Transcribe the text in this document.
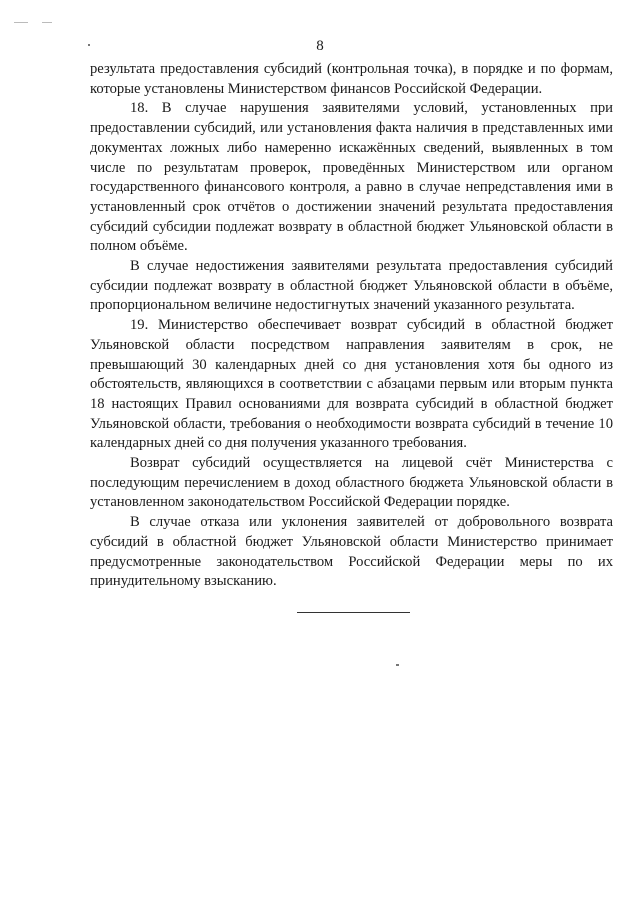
8

результата предоставления субсидий (контрольная точка), в порядке и по формам, которые установлены Министерством финансов Российской Федерации.

18. В случае нарушения заявителями условий, установленных при предоставлении субсидий, или установления факта наличия в представленных ими документах ложных либо намеренно искажённых сведений, выявленных в том числе по результатам проверок, проведённых Министерством или органом государственного финансового контроля, а равно в случае непредставления ими в установленный срок отчётов о достижении значений результата предоставления субсидий субсидии подлежат возврату в областной бюджет Ульяновской области в полном объёме.

В случае недостижения заявителями результата предоставления субсидий субсидии подлежат возврату в областной бюджет Ульяновской области в объёме, пропорциональном величине недостигнутых значений указанного результата.

19. Министерство обеспечивает возврат субсидий в областной бюджет Ульяновской области посредством направления заявителям в срок, не превышающий 30 календарных дней со дня установления хотя бы одного из обстоятельств, являющихся в соответствии с абзацами первым или вторым пункта 18 настоящих Правил основаниями для возврата субсидий в областной бюджет Ульяновской области, требования о необходимости возврата субсидий в течение 10 календарных дней со дня получения указанного требования.

Возврат субсидий осуществляется на лицевой счёт Министерства с последующим перечислением в доход областного бюджета Ульяновской области в установленном законодательством Российской Федерации порядке.

В случае отказа или уклонения заявителей от добровольного возврата субсидий в областной бюджет Ульяновской области Министерство принимает предусмотренные законодательством Российской Федерации меры по их принудительному взысканию.
